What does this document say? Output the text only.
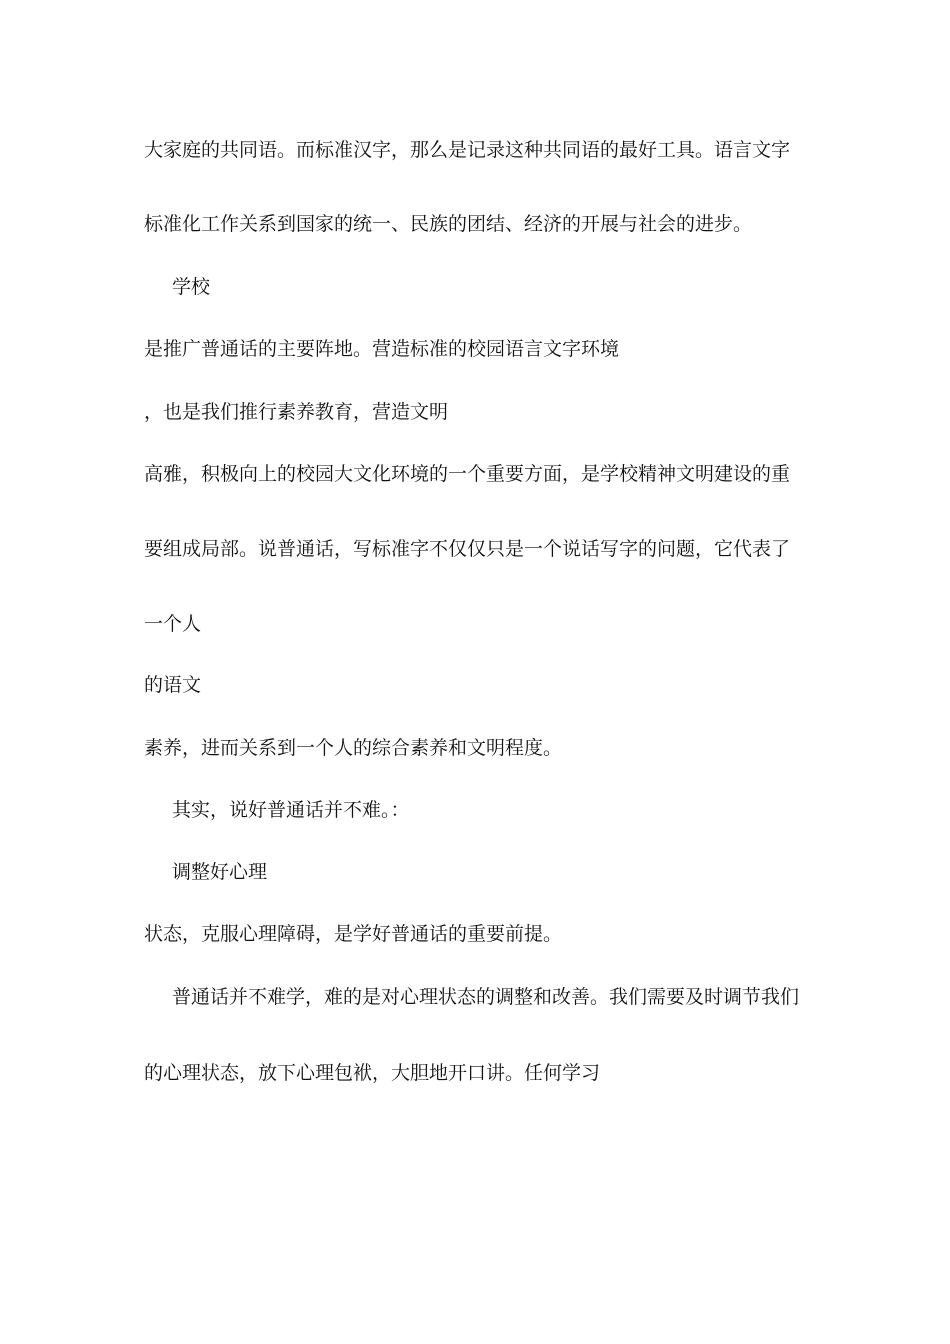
大家庭的共同语。而标准汉字，那么是记录这种共同语的最好工具。语言文字

标准化工作关系到国家的统一、民族的团结、经济的开展与社会的进步。

学校

是推广普通话的主要阵地。营造标准的校园语言文字环境

，也是我们推行素养教育，营造文明

高雅，积极向上的校园大文化环境的一个重要方面，是学校精神文明建设的重

要组成局部。说普通话，写标准字不仅仅只是一个说话写字的问题，它代表了

一个人

的语文

素养，进而关系到一个人的综合素养和文明程度。

其实，说好普通话并不难。：

调整好心理

状态，克服心理障碍，是学好普通话的重要前提。

普通话并不难学，难的是对心理状态的调整和改善。我们需要及时调节我们

的心理状态，放下心理包袱，大胆地开口讲。任何学习
